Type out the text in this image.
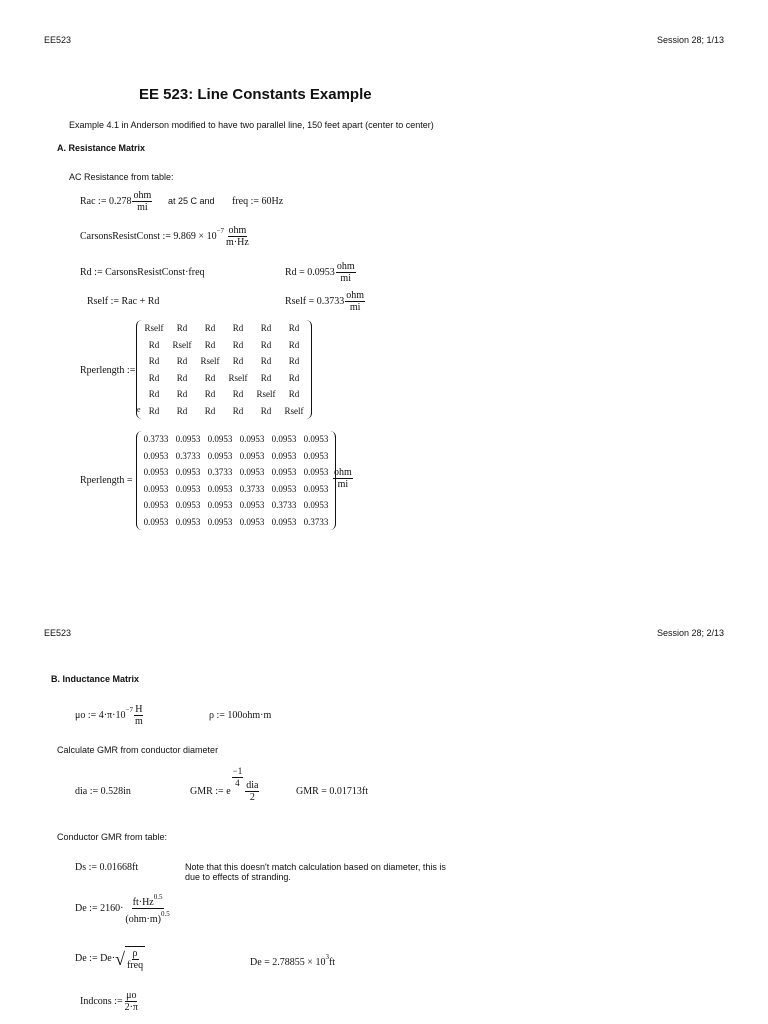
EE523	Session 28; 1/13
EE 523: Line Constants Example
Example 4.1 in Anderson modified to have two parallel line, 150 feet apart (center to center)
A. Resistance Matrix
AC Resistance from table:
Rac := $0.278 \frac{\text{ohm}}{mi}$ at 25 C and freq := 60Hz
CarsonsResistConst := $9.869 \times 10^{-7} \frac{\text{ohm}}{m\cdot Hz}$
Rd := CarsonsResistConst·freq	$Rd = 0.0953 \frac{\text{ohm}}{mi}$
Rself := Rac + Rd	Rself = $0.3733 \frac{\text{ohm}}{mi}$
Rperlength :=
Rself	Rd	Rd	Rd	Rd	Rd
Rd	Rself	Rd	Rd	Rd	Rd
Rd	Rd	Rself	Rd	Rd	Rd
Rd	Rd	Rd	Rself	Rd	Rd
Rd	Rd	Rd	Rd	Rself	Rd
Rd	Rd	Rd	Rd	Rd	Rself
e
Rperlength =
0.3733 0.0953 0.0953 0.0953 0.0953 0.0953
0.0953 0.3733 0.0953 0.0953 0.0953 0.0953
0.0953 0.0953 0.3733 0.0953 0.0953 0.0953
0.0953 0.0953 0.0953 0.3733 0.0953 0.0953
0.0953 0.0953 0.0953 0.0953 0.3733 0.0953
0.0953 0.0953 0.0953 0.0953 0.0953 0.3733
$\frac{\text{ohm}}{mi}$
EE523	Session 28; 2/13
B. Inductance Matrix
μo := $4\cdot\pi\cdot 10^{-7} \frac{H}{m}$	ρ := 100ohm·m
Calculate GMR from conductor diameter
dia := 0.528in	GMR := e
$\frac{-1}{4}$
$\frac{\text{dia}}{2}$	GMR = 0.01713ft
Conductor GMR from table:
Ds := 0.01668ft	Note that this doesn't match calculation based on diameter, this is due to effects of stranding.
De := $2160\cdot \frac{ft\cdot Hz^{0.5}}{(ohm\cdot m)^{0.5}}$
De := De· √ $\frac{\rho}{\text{freq}}$	$De = 2.78855 \times 10^3ft$
Indcons := $\frac{\mu o}{2\cdot\pi}$
